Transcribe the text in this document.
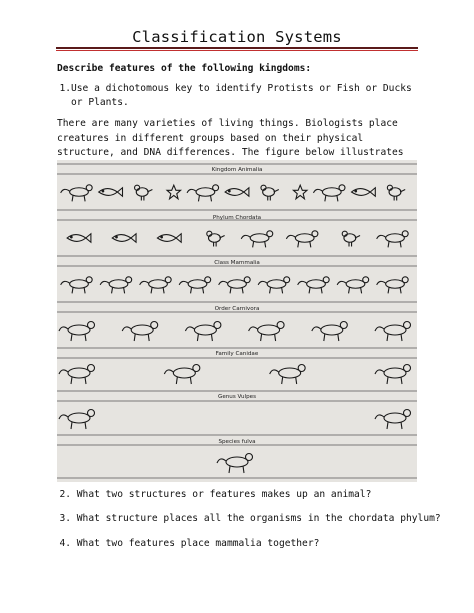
Classification Systems
Describe features of the following kingdoms:
1. Use a dichotomous key to identify Protists or Fish or Ducks or Plants.
There are many varieties of living things. Biologists place creatures in different groups based on their physical structure, and DNA differences. The figure below illustrates
Kingdom Animalia
Phylum Chordata
Class Mammalia
Order Carnivora
Family Canidae
Genus Vulpes
Species fulva
2. What two structures or features makes up an animal?
3. What structure places all the organisms in the chordata phylum?
4. What two features place mammalia together?
